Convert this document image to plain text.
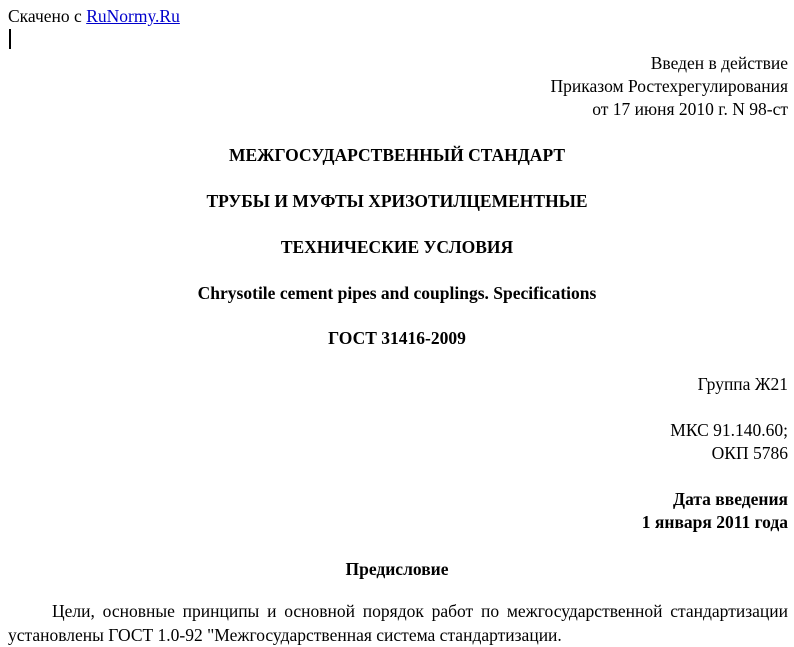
Скачено с RuNormy.Ru
Введен в действие
Приказом Ростехрегулирования
от 17 июня 2010 г. N 98-ст
МЕЖГОСУДАРСТВЕННЫЙ СТАНДАРТ
ТРУБЫ И МУФТЫ ХРИЗОТИЛЦЕМЕНТНЫЕ
ТЕХНИЧЕСКИЕ УСЛОВИЯ
Chrysotile cement pipes and couplings. Specifications
ГОСТ 31416-2009
Группа Ж21
МКС 91.140.60;
ОКП 5786
Дата введения
1 января 2011 года
Предисловие
Цели, основные принципы и основной порядок работ по межгосударственной стандартизации установлены ГОСТ 1.0-92 "Межгосударственная система стандартизации.
